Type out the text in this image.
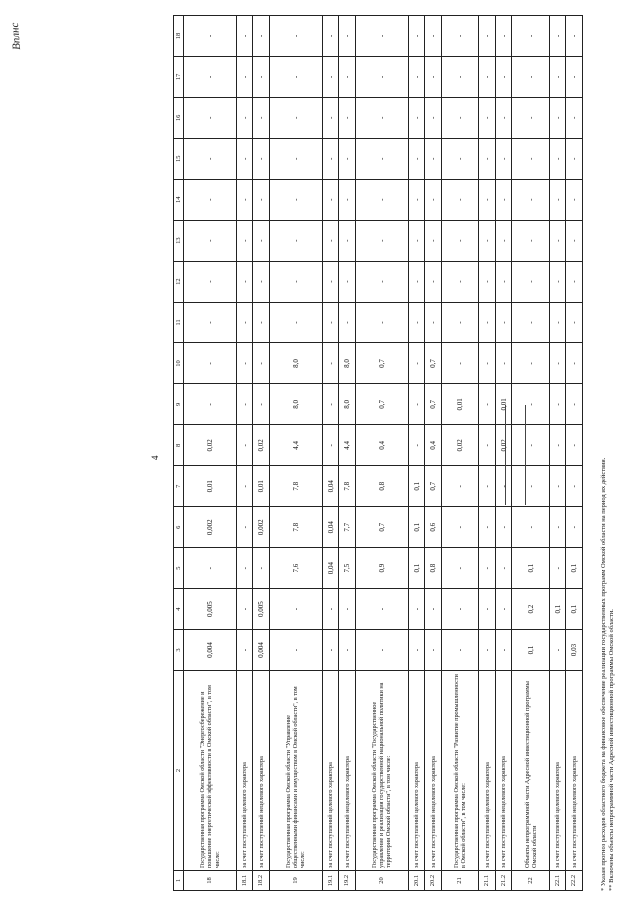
Вплнс
4
1	2	3	4	5	6	7	8	9	10	11	12	13	14	15	16	17	18
18	Государственная программа Омской области "Энергосбережение и повышение энергетической эффективности в Омской области", в том числе:	0,004	0,005	-	0,002	0,01	0,02	-	-	-	-	-	-	-	-	-	-
18.1	за счет поступлений целевого характера	-	-	-	-	-	-	-	-	-	-	-	-	-	-	-	-
18.2	за счет поступлений нецелевого характера	0,004	0,005	-	0,002	0,01	0,02	-	-	-	-	-	-	-	-	-	-
19	Государственная программа Омской области "Управление общественными финансами и имуществом в Омской области", в том числе:	-	-	7,6	7,8	7,8	4,4	8,0	8,0	-	-	-	-	-	-	-	-
19.1	за счет поступлений целевого характера	-	-	0,04	0,04	0,04	-	-	-	-	-	-	-	-	-	-	-
19.2	за счет поступлений нецелевого характера	-	-	7,5	7,7	7,8	4,4	8,0	8,0	-	-	-	-	-	-	-	-
20	Государственная программа Омской области "Государственное управление и реализация государственной национальной политики на территории Омской области", в том числе:	-	-	0,9	0,7	0,8	0,4	0,7	0,7	-	-	-	-	-	-	-	-
20.1	за счет поступлений целевого характера	-	-	0,1	0,1	0,1	-	-	-	-	-	-	-	-	-	-	-
20.2	за счет поступлений нецелевого характера	-	-	0,8	0,6	0,7	0,4	0,7	0,7	-	-	-	-	-	-	-	-
21	Государственная программа Омской области "Развитие промышленности в Омской области", в том числе:	-	-	-	-	-	0,02	0,01	-	-	-	-	-	-	-	-	-
21.1	за счет поступлений целевого характера	-	-	-	-	-	-	-	-	-	-	-	-	-	-	-	-
21.2	за счет поступлений нецелевого характера	-	-	-	-	-	0,02	0,01	-	-	-	-	-	-	-	-	-
22	Объекты непрограммной части Адресной инвестиционной программы Омской области	0,1	0,2	0,1	-	-	-	-	-	-	-	-	-	-	-	-	-
22.1	за счет поступлений целевого характера	-	0,1	-	-	-	-	-	-	-	-	-	-	-	-	-	-
22.2	за счет поступлений нецелевого характера	0,03	0,1	0,1	-	-	-	-	-	-	-	-	-	-	-	-	-
* Указан прогноз расходов областного бюджета на финансовое обеспечение реализации государственных программ Омской области на период их действия. ** Включены объекты непрограммной части Адресной инвестиционной программы Омской области.
